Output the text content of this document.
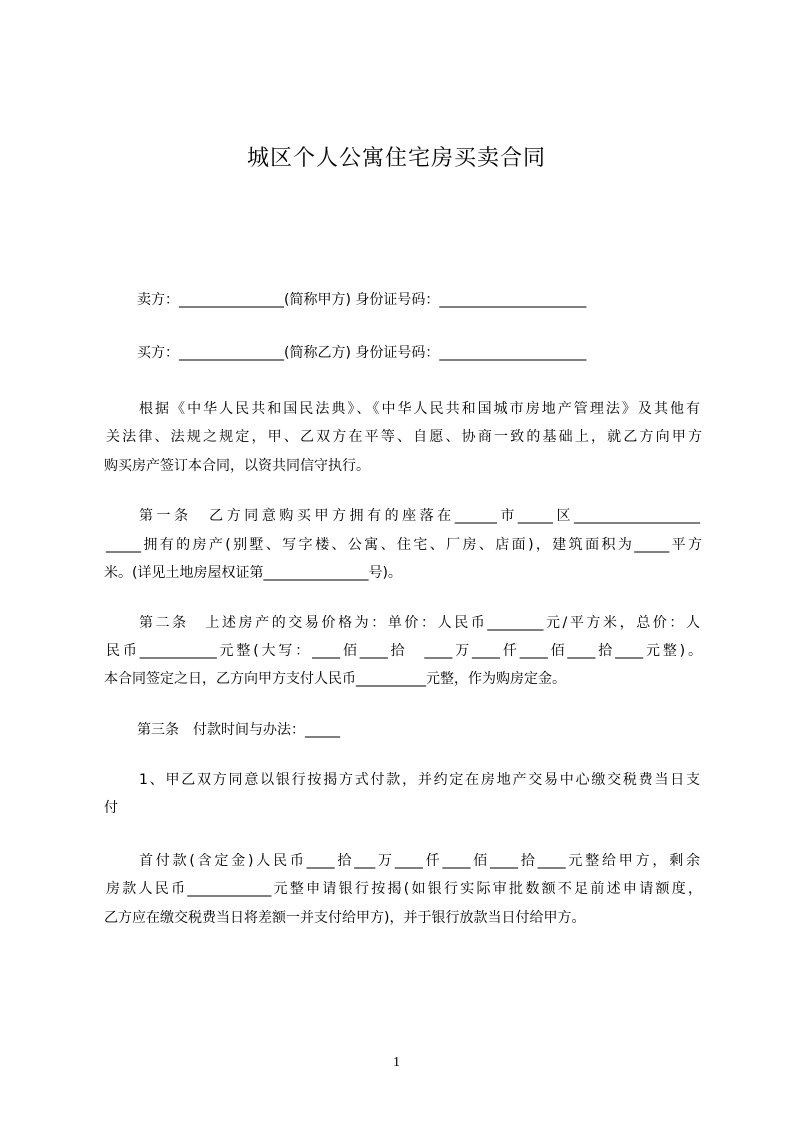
城区个人公寓住宅房买卖合同
卖方：_______________(简称甲方) 身份证号码：_____________________
买方：_______________(简称乙方) 身份证号码：_____________________
根据《中华人民共和国民法典》、《中华人民共和国城市房地产管理法》及其他有
关法律、法规之规定，甲、乙双方在平等、自愿、协商一致的基础上，就乙方向甲方
购买房产签订本合同，以资共同信守执行。
第一条　乙方同意购买甲方拥有的座落在______市_____区__________________
_____拥有的房产(别墅、写字楼、公寓、住宅、厂房、店面)，建筑面积为_____平方
米。(详见土地房屋权证第_______________号)。
第二条　上述房产的交易价格为：单价：人民币________元/平方米，总价：人
民币___________元整(大写：____佰____拾　____万____仟____佰____拾____元整)。
本合同签定之日，乙方向甲方支付人民币__________元整，作为购房定金。
第三条　付款时间与办法：_____
1、甲乙双方同意以银行按揭方式付款，并约定在房地产交易中心缴交税费当日支
付
首付款(含定金)人民币____拾___万____仟____佰____拾____元整给甲方，剩余
房款人民币____________元整申请银行按揭(如银行实际审批数额不足前述申请额度，
乙方应在缴交税费当日将差额一并支付给甲方)，并于银行放款当日付给甲方。
1
